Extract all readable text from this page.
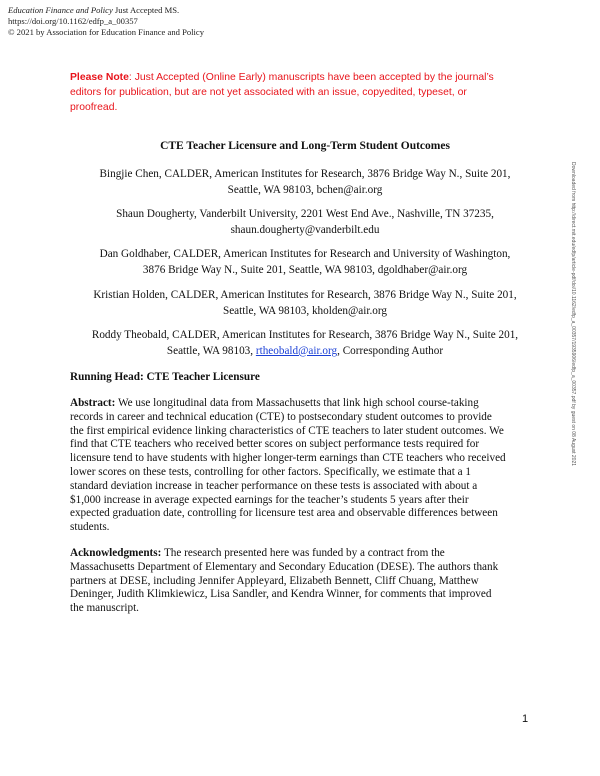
Education Finance and Policy Just Accepted MS.
https://doi.org/10.1162/edfp_a_00357
© 2021 by Association for Education Finance and Policy
Please Note: Just Accepted (Online Early) manuscripts have been accepted by the journal’s
editors for publication, but are not yet associated with an issue, copyedited, typeset, or
proofread.
CTE Teacher Licensure and Long-Term Student Outcomes
Bingjie Chen, CALDER, American Institutes for Research, 3876 Bridge Way N., Suite 201,
Seattle, WA 98103, bchen@air.org
Shaun Dougherty, Vanderbilt University, 2201 West End Ave., Nashville, TN 37235,
shaun.dougherty@vanderbilt.edu
Dan Goldhaber, CALDER, American Institutes for Research and University of Washington,
3876 Bridge Way N., Suite 201, Seattle, WA 98103, dgoldhaber@air.org
Kristian Holden, CALDER, American Institutes for Research, 3876 Bridge Way N., Suite 201,
Seattle, WA 98103, kholden@air.org
Roddy Theobald, CALDER, American Institutes for Research, 3876 Bridge Way N., Suite 201,
Seattle, WA 98103, rtheobald@air.org, Corresponding Author
Running Head: CTE Teacher Licensure
Abstract: We use longitudinal data from Massachusetts that link high school course-taking
records in career and technical education (CTE) to postsecondary student outcomes to provide
the first empirical evidence linking characteristics of CTE teachers to later student outcomes. We
find that CTE teachers who received better scores on subject performance tests required for
licensure tend to have students with higher longer-term earnings than CTE teachers who received
lower scores on these tests, controlling for other factors. Specifically, we estimate that a 1
standard deviation increase in teacher performance on these tests is associated with about a
$1,000 increase in average expected earnings for the teacher’s students 5 years after their
expected graduation date, controlling for licensure test area and observable differences between
students.
Acknowledgments: The research presented here was funded by a contract from the
Massachusetts Department of Elementary and Secondary Education (DESE). The authors thank
partners at DESE, including Jennifer Appleyard, Elizabeth Bennett, Cliff Chuang, Matthew
Deninger, Judith Klimkiewicz, Lisa Sandler, and Kendra Winner, for comments that improved
the manuscript.
Downloaded from http://direct.mit.edu/edfp/article-pdf/doi/10.1162/edfp_a_00357/1935906/edfp_a_00357.pdf by guest on 08 August 2021
1
